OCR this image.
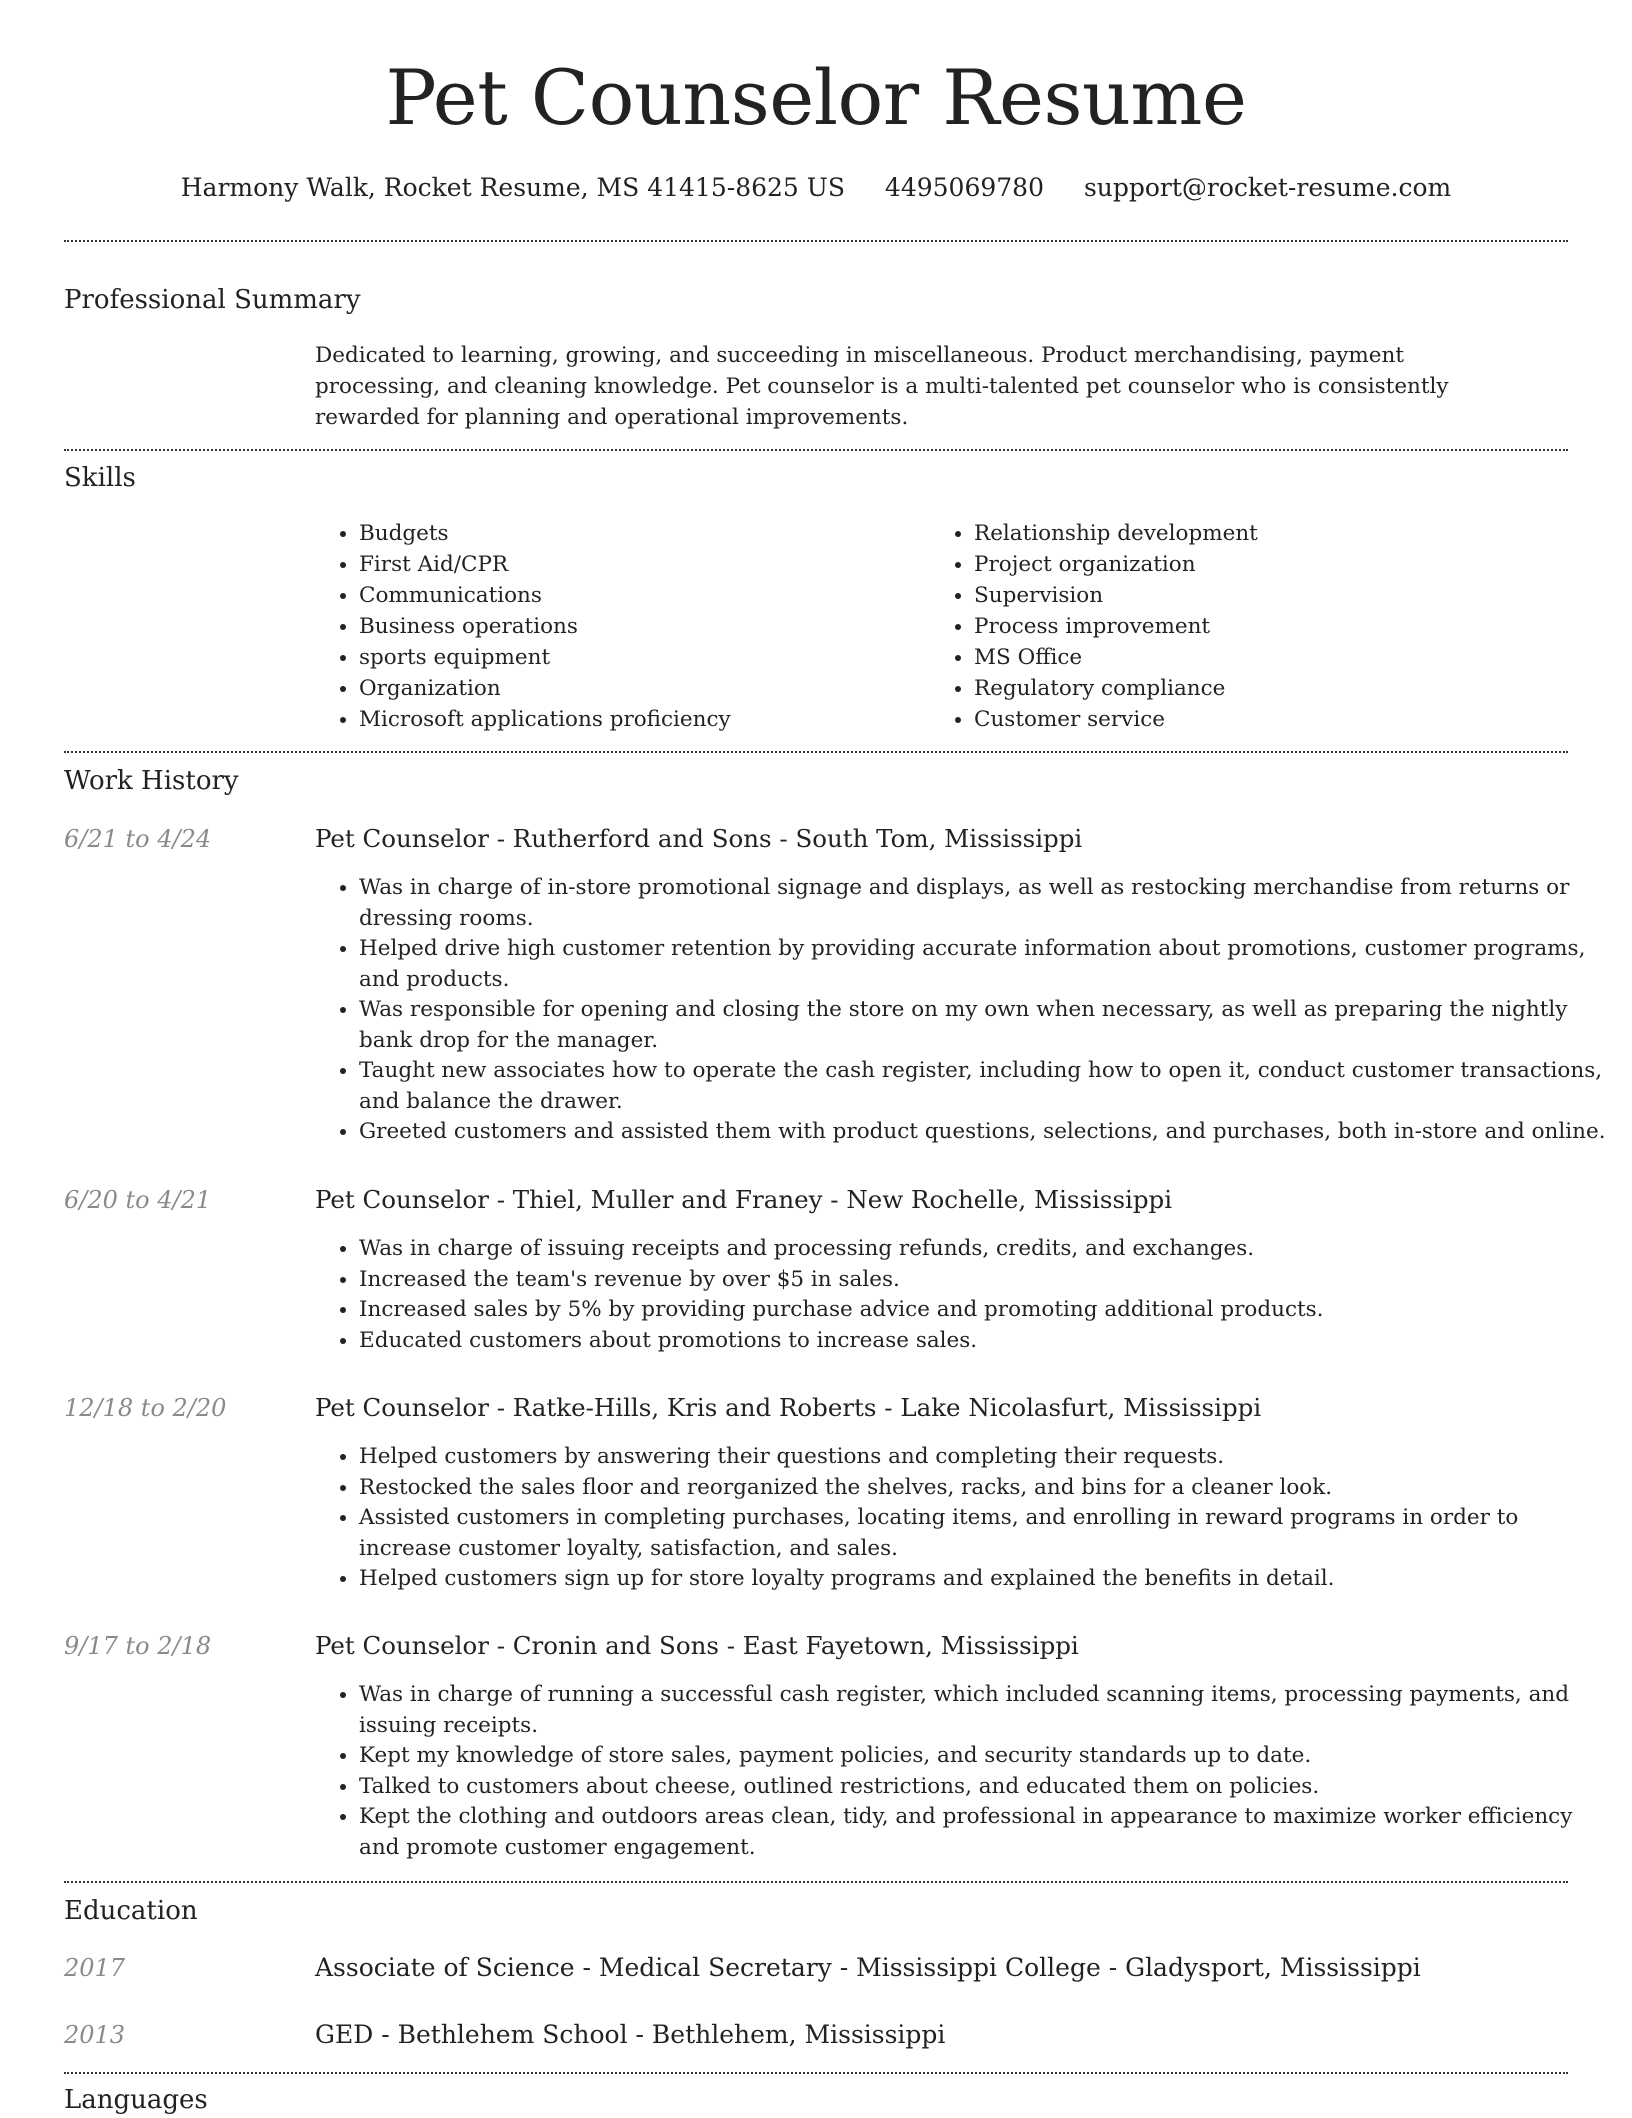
Pet Counselor Resume
Harmony Walk, Rocket Resume, MS 41415-8625 US 4495069780 support@rocket-resume.com
Professional Summary

Dedicated to learning, growing, and succeeding in miscellaneous. Product merchandising, payment processing, and cleaning knowledge. Pet counselor is a multi-talented pet counselor who is consistently rewarded for planning and operational improvements.

Skills
• Budgets
• First Aid/CPR
• Communications
• Business operations
• sports equipment
• Organization
• Microsoft applications proficiency
• Relationship development
• Project organization
• Supervision
• Process improvement
• MS Office
• Regulatory compliance
• Customer service
Work History
6/21 to 4/24	Pet Counselor - Rutherford and Sons - South Tom, Mississippi
• Was in charge of in-store promotional signage and displays, as well as restocking merchandise from returns or dressing rooms.
• Helped drive high customer retention by providing accurate information about promotions, customer programs, and products.
• Was responsible for opening and closing the store on my own when necessary, as well as preparing the nightly bank drop for the manager.
• Taught new associates how to operate the cash register, including how to open it, conduct customer transactions, and balance the drawer.
• Greeted customers and assisted them with product questions, selections, and purchases, both in-store and online.
6/20 to 4/21	Pet Counselor - Thiel, Muller and Franey - New Rochelle, Mississippi
• Was in charge of issuing receipts and processing refunds, credits, and exchanges.
• Increased the team's revenue by over $5 in sales.
• Increased sales by 5% by providing purchase advice and promoting additional products.
• Educated customers about promotions to increase sales.
12/18 to 2/20	Pet Counselor - Ratke-Hills, Kris and Roberts - Lake Nicolasfurt, Mississippi
• Helped customers by answering their questions and completing their requests.
• Restocked the sales floor and reorganized the shelves, racks, and bins for a cleaner look.
• Assisted customers in completing purchases, locating items, and enrolling in reward programs in order to increase customer loyalty, satisfaction, and sales.
• Helped customers sign up for store loyalty programs and explained the benefits in detail.
9/17 to 2/18	Pet Counselor - Cronin and Sons - East Fayetown, Mississippi
• Was in charge of running a successful cash register, which included scanning items, processing payments, and issuing receipts.
• Kept my knowledge of store sales, payment policies, and security standards up to date.
• Talked to customers about cheese, outlined restrictions, and educated them on policies.
• Kept the clothing and outdoors areas clean, tidy, and professional in appearance to maximize worker efficiency and promote customer engagement.
Education
2017	Associate of Science - Medical Secretary - Mississippi College - Gladysport, Mississippi
2013	GED - Bethlehem School - Bethlehem, Mississippi
Languages
